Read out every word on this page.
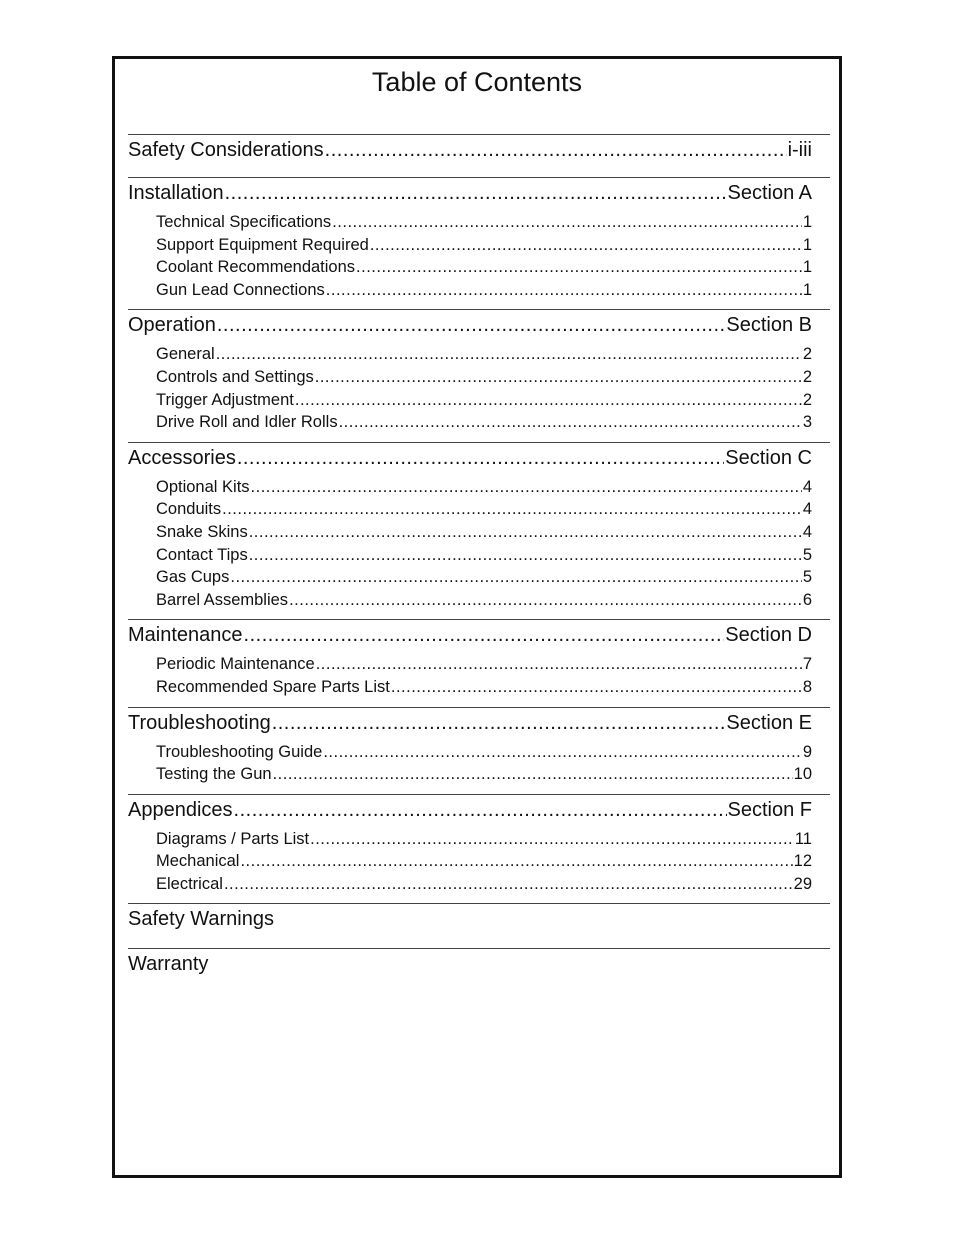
Table of Contents
Safety Considerations .....	i-iii
Installation .....	Section A
Technical Specifications .....	1
Support Equipment Required .....	1
Coolant Recommendations .....	1
Gun Lead Connections .....	1
Operation .....	Section B
General .....	2
Controls and Settings .....	2
Trigger Adjustment .....	2
Drive Roll and Idler Rolls .....	3
Accessories .....	Section C
Optional Kits .....	4
Conduits .....	4
Snake Skins .....	4
Contact Tips .....	5
Gas Cups .....	5
Barrel Assemblies .....	6
Maintenance .....	Section D
Periodic Maintenance .....	7
Recommended Spare Parts List .....	8
Troubleshooting .....	Section E
Troubleshooting Guide .....	9
Testing the Gun .....	10
Appendices .....	Section F
Diagrams / Parts List .....	11
Mechanical .....	12
Electrical .....	29
Safety Warnings
Warranty
